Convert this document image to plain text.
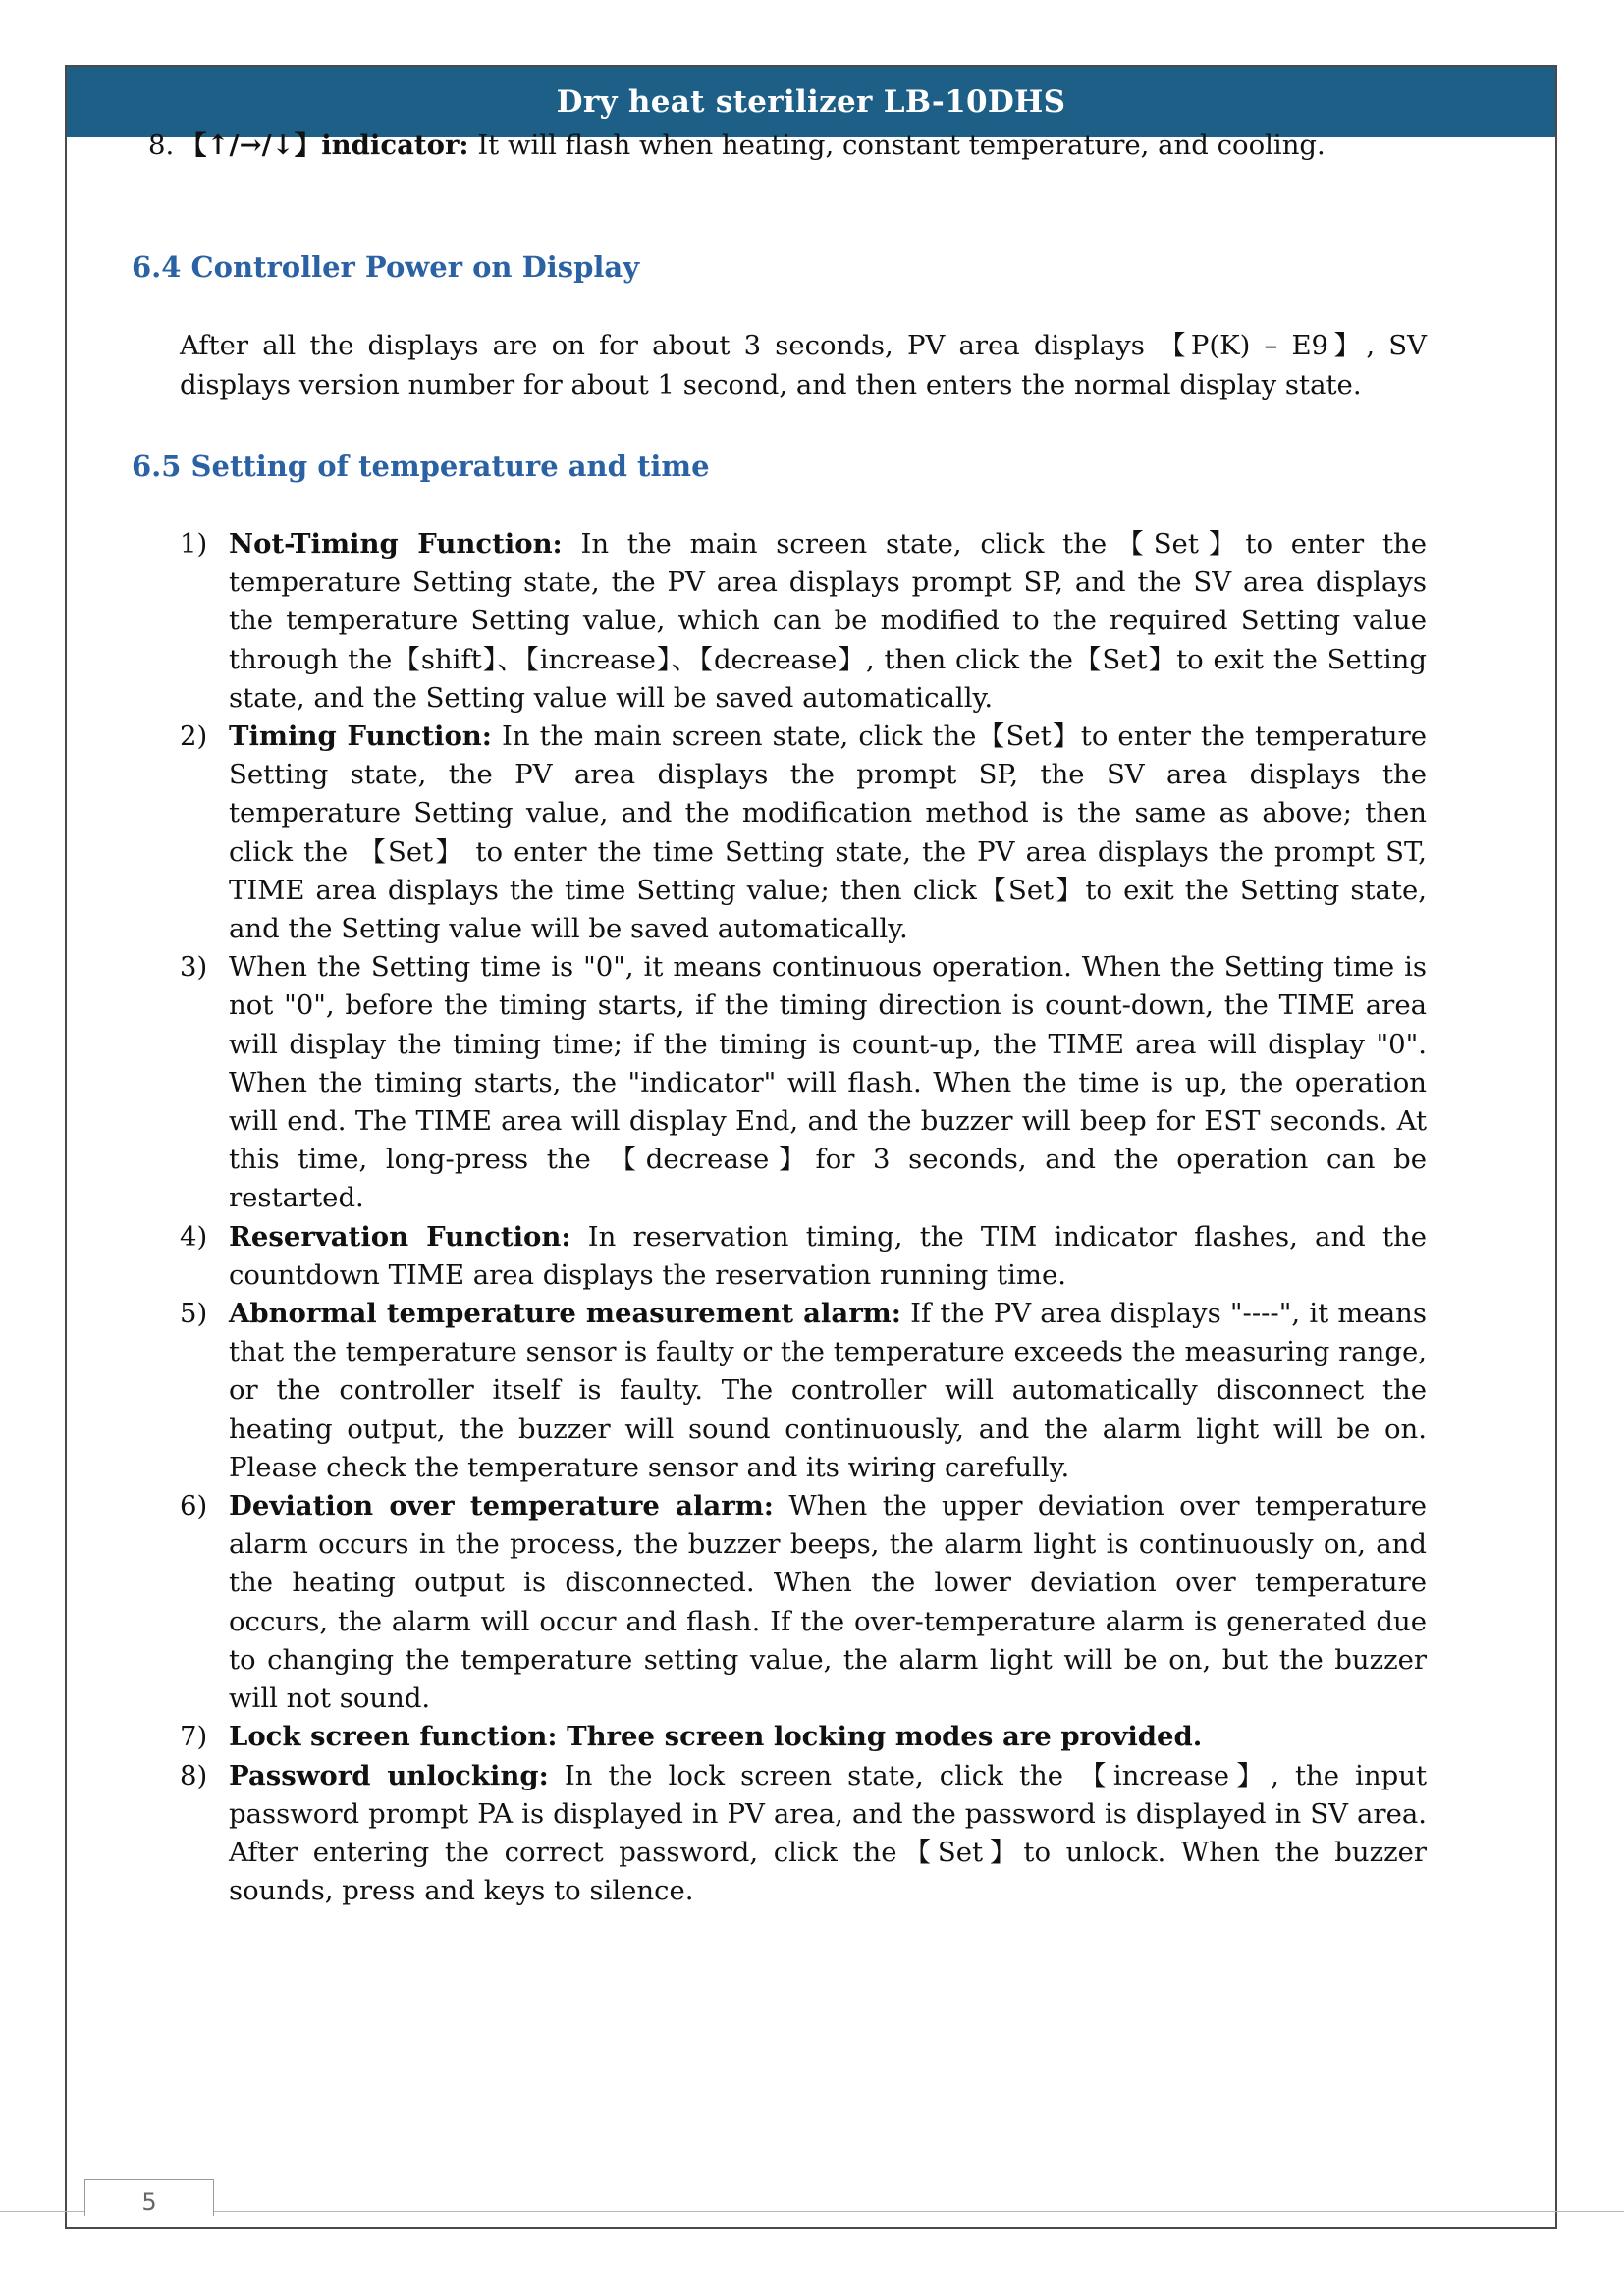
Dry heat sterilizer LB-10DHS
8. 【↑/→/↓】indicator: It will flash when heating, constant temperature, and cooling.
6.4 Controller Power on Display
After all the displays are on for about 3 seconds, PV area displays 【P(K) – E9】, SV displays version number for about 1 second, and then enters the normal display state.
6.5 Setting of temperature and time
1) Not-Timing Function: In the main screen state, click the【Set】to enter the temperature Setting state, the PV area displays prompt SP, and the SV area displays the temperature Setting value, which can be modified to the required Setting value through the【shift】、【increase】、【decrease】, then click the【Set】to exit the Setting state, and the Setting value will be saved automatically.
2) Timing Function: In the main screen state, click the【Set】to enter the temperature Setting state, the PV area displays the prompt SP, the SV area displays the temperature Setting value, and the modification method is the same as above; then click the 【Set】 to enter the time Setting state, the PV area displays the prompt ST, TIME area displays the time Setting value; then click【Set】to exit the Setting state, and the Setting value will be saved automatically.
3) When the Setting time is "0", it means continuous operation. When the Setting time is not "0", before the timing starts, if the timing direction is count-down, the TIME area will display the timing time; if the timing is count-up, the TIME area will display "0". When the timing starts, the "indicator" will flash. When the time is up, the operation will end. The TIME area will display End, and the buzzer will beep for EST seconds. At this time, long-press the 【decrease】for 3 seconds, and the operation can be restarted.
4) Reservation Function: In reservation timing, the TIM indicator flashes, and the countdown TIME area displays the reservation running time.
5) Abnormal temperature measurement alarm: If the PV area displays "----", it means that the temperature sensor is faulty or the temperature exceeds the measuring range, or the controller itself is faulty. The controller will automatically disconnect the heating output, the buzzer will sound continuously, and the alarm light will be on. Please check the temperature sensor and its wiring carefully.
6) Deviation over temperature alarm: When the upper deviation over temperature alarm occurs in the process, the buzzer beeps, the alarm light is continuously on, and the heating output is disconnected. When the lower deviation over temperature occurs, the alarm will occur and flash. If the over-temperature alarm is generated due to changing the temperature setting value, the alarm light will be on, but the buzzer will not sound.
7) Lock screen function: Three screen locking modes are provided.
8) Password unlocking: In the lock screen state, click the 【increase】, the input password prompt PA is displayed in PV area, and the password is displayed in SV area. After entering the correct password, click the【Set】to unlock. When the buzzer sounds, press and keys to silence.
5
